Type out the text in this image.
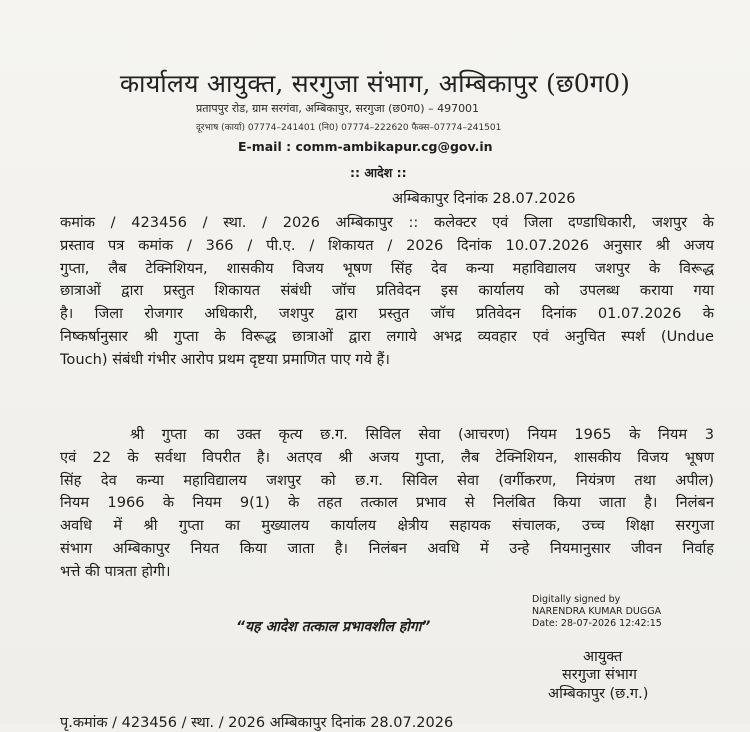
कार्यालय आयुक्त, सरगुजा संभाग, अम्बिकापुर (छ0ग0)
प्रतापपुर रोड, ग्राम सरगंवा, अम्बिकापुर, सरगुजा (छ0ग0) – 497001
दूरभाष (कार्या) 07774–241401 (नि0) 07774–222620 फैक्स–07774–241501
E-mail : comm-ambikapur.cg@gov.in
:: आदेश ::
अम्बिकापुर दिनांक 28.07.2026
कमांक / 423456 / स्था. / 2026 अम्बिकापुर :: कलेक्टर एवं जिला दण्डाधिकारी, जशपुर के
प्रस्ताव पत्र कमांक / 366 / पी.ए. / शिकायत / 2026 दिनांक 10.07.2026 अनुसार श्री अजय
गुप्ता, लैब टेक्निशियन, शासकीय विजय भूषण सिंह देव कन्या महाविद्यालय जशपुर के विरूद्ध
छात्राओं द्वारा प्रस्तुत शिकायत संबंधी जॉच प्रतिवेदन इस कार्यालय को उपलब्ध कराया गया
है। जिला रोजगार अधिकारी, जशपुर द्वारा प्रस्तुत जॉच प्रतिवेदन दिनांक 01.07.2026 के
निष्कर्षानुसार श्री गुप्ता के विरूद्ध छात्राओं द्वारा लगाये अभद्र व्यवहार एवं अनुचित स्पर्श (Undue
Touch) संबंधी गंभीर आरोप प्रथम दृष्टया प्रमाणित पाए गये हैं।
श्री गुप्ता का उक्त कृत्य छ.ग. सिविल सेवा (आचरण) नियम 1965 के नियम 3
एवं 22 के सर्वथा विपरीत है। अतएव श्री अजय गुप्ता, लैब टेक्निशियन, शासकीय विजय भूषण
सिंह देव कन्या महाविद्यालय जशपुर को छ.ग. सिविल सेवा (वर्गीकरण, नियंत्रण तथा अपील)
नियम 1966 के नियम 9(1) के तहत तत्काल प्रभाव से निलंबित किया जाता है। निलंबन
अवधि में श्री गुप्ता का मुख्यालय कार्यालय क्षेत्रीय सहायक संचालक, उच्च शिक्षा सरगुजा
संभाग अम्बिकापुर नियत किया जाता है। निलंबन अवधि में उन्हे नियमानुसार जीवन निर्वाह
भत्ते की पात्रता होगी।
Digitally signed by
NARENDRA KUMAR DUGGA
Date: 28-07-2026 12:42:15
“यह आदेश तत्काल प्रभावशील होगा”
आयुक्त
सरगुजा संभाग
अम्बिकापुर (छ.ग.)
पृ.कमांक / 423456 / स्था. / 2026 अम्बिकापुर दिनांक 28.07.2026
